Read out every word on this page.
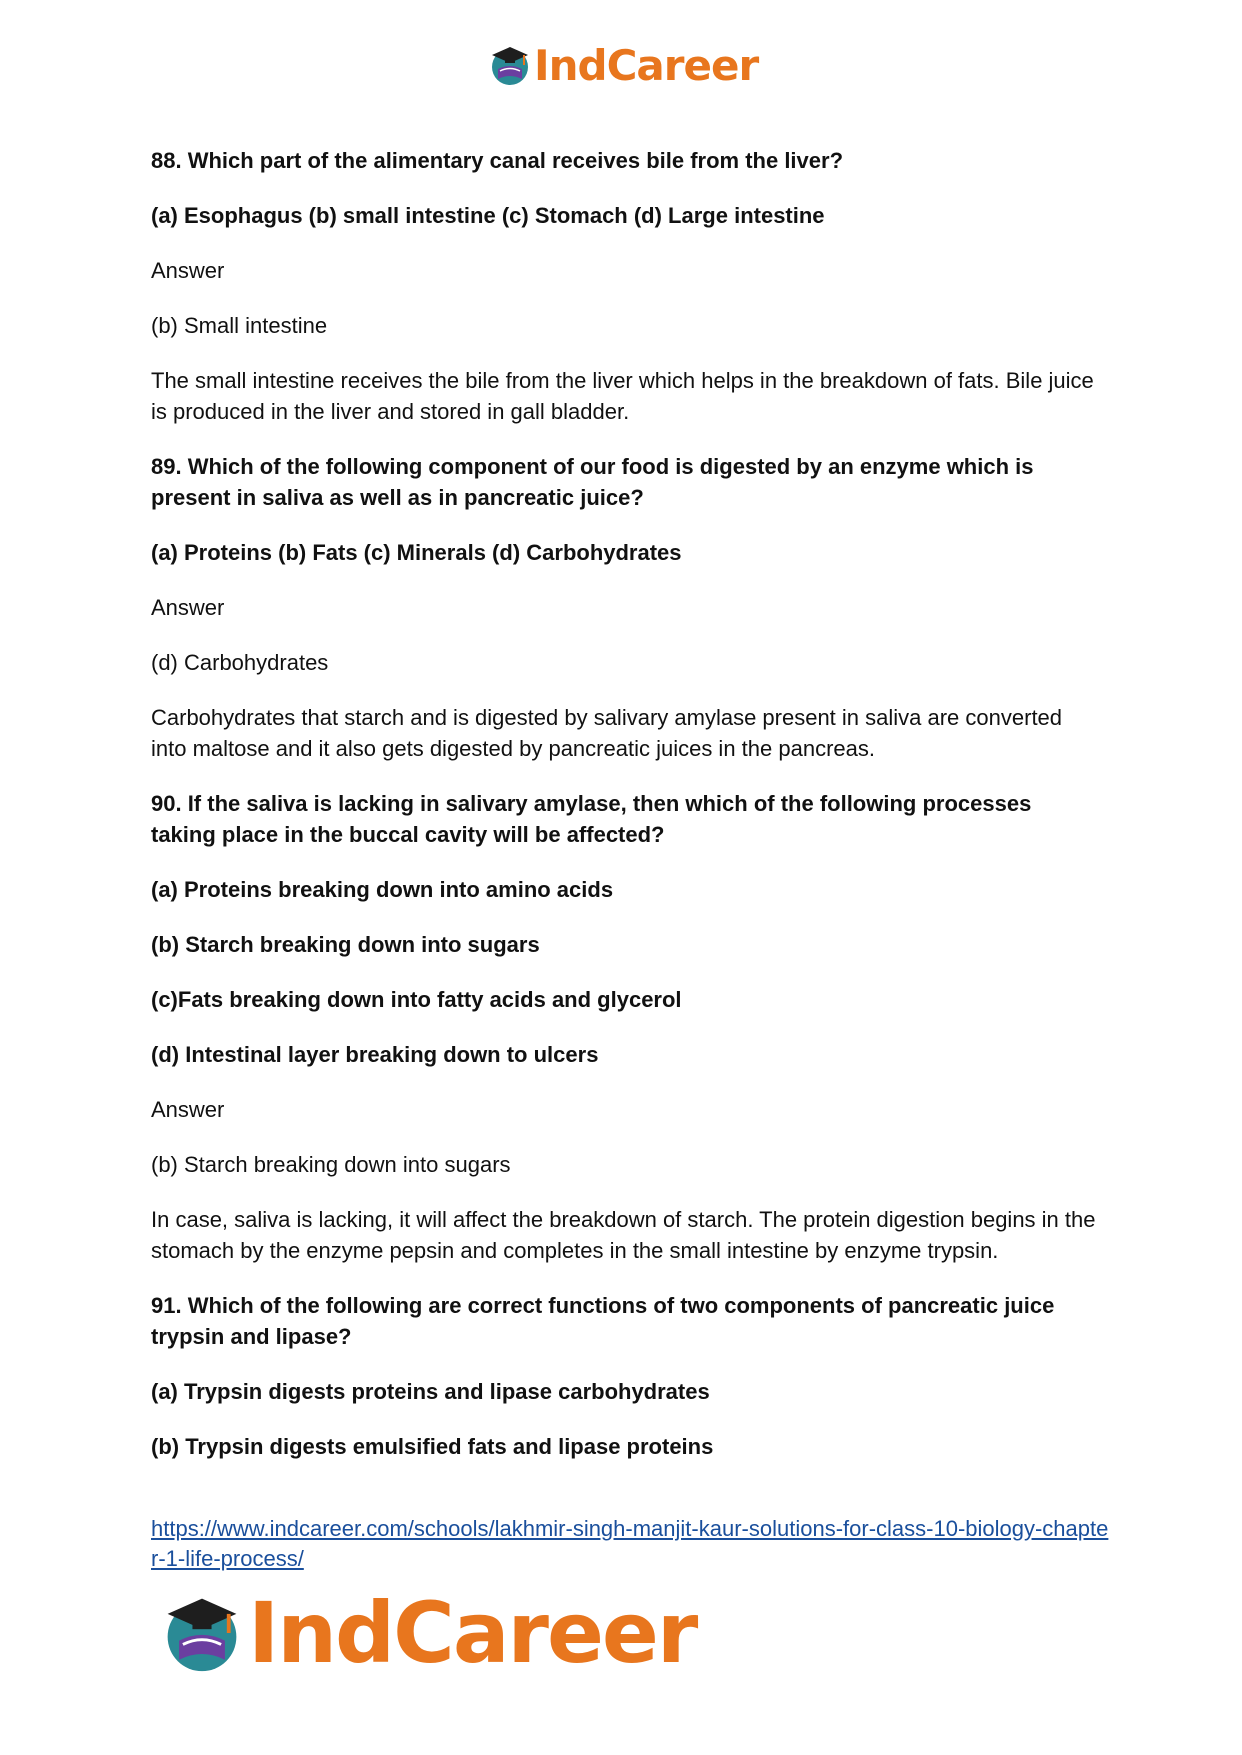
IndCareer

88. Which part of the alimentary canal receives bile from the liver?

(a) Esophagus (b) small intestine (c) Stomach (d) Large intestine

Answer

(b) Small intestine

The small intestine receives the bile from the liver which helps in the breakdown of fats. Bile juice is produced in the liver and stored in gall bladder.

89. Which of the following component of our food is digested by an enzyme which is present in saliva as well as in pancreatic juice?

(a) Proteins (b) Fats (c) Minerals (d) Carbohydrates

Answer

(d) Carbohydrates

Carbohydrates that starch and is digested by salivary amylase present in saliva are converted into maltose and it also gets digested by pancreatic juices in the pancreas.

90. If the saliva is lacking in salivary amylase, then which of the following processes taking place in the buccal cavity will be affected?

(a) Proteins breaking down into amino acids

(b) Starch breaking down into sugars

(c)Fats breaking down into fatty acids and glycerol

(d) Intestinal layer breaking down to ulcers

Answer

(b) Starch breaking down into sugars

In case, saliva is lacking, it will affect the breakdown of starch. The protein digestion begins in the stomach by the enzyme pepsin and completes in the small intestine by enzyme trypsin.

91. Which of the following are correct functions of two components of pancreatic juice trypsin and lipase?

(a) Trypsin digests proteins and lipase carbohydrates

(b) Trypsin digests emulsified fats and lipase proteins

https://www.indcareer.com/schools/lakhmir-singh-manjit-kaur-solutions-for-class-10-biology-chapter-1-life-process/
IndCareer
